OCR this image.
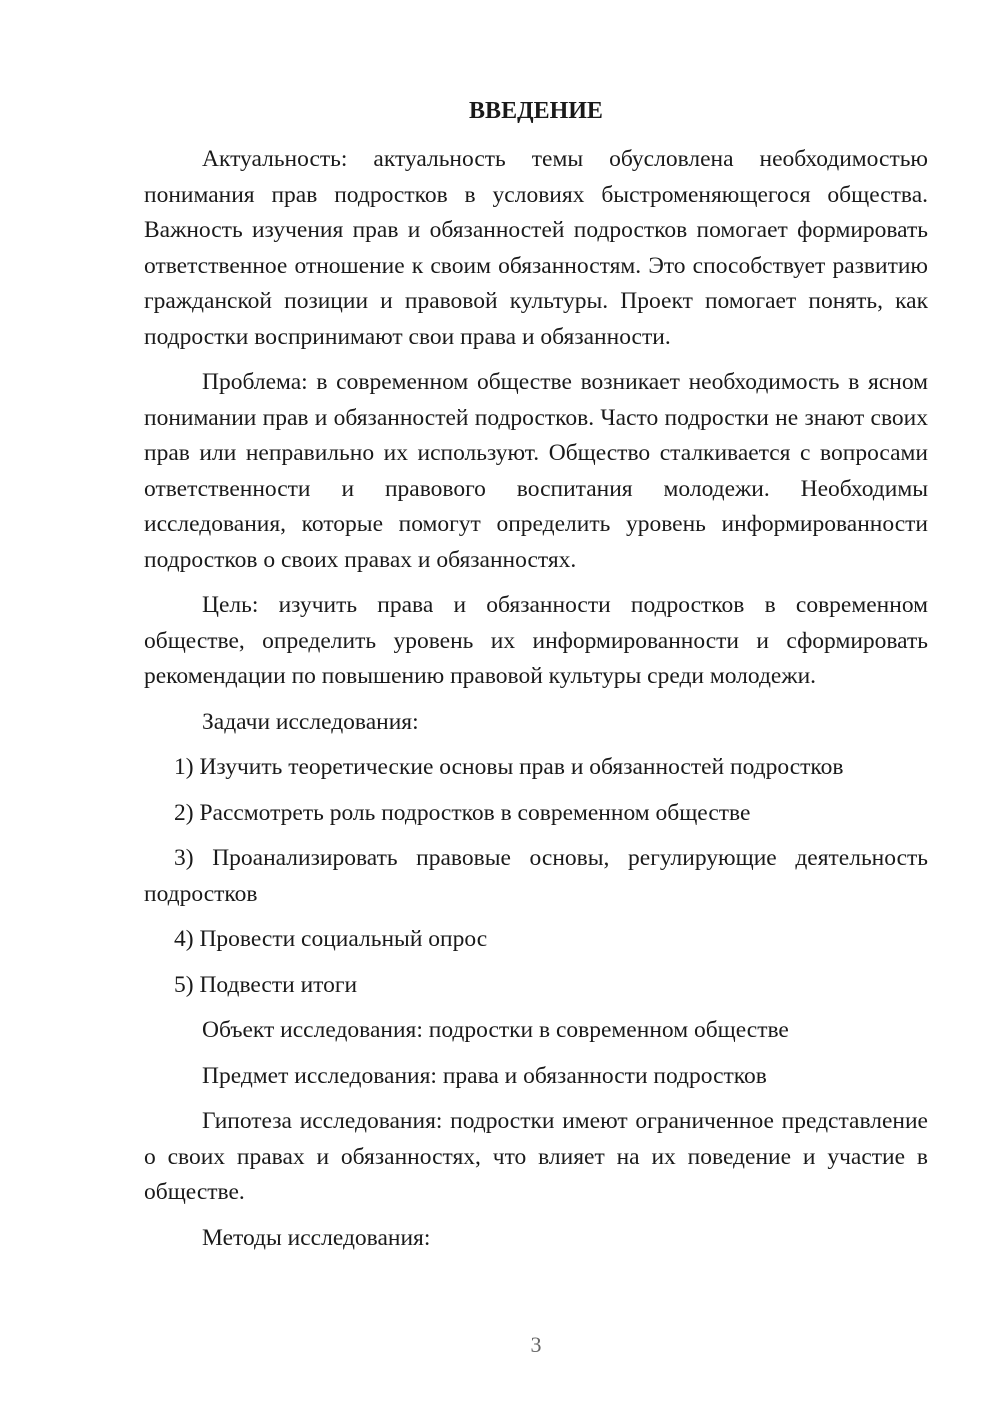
ВВЕДЕНИЕ

Актуальность: актуальность темы обусловлена необходимостью понимания прав подростков в условиях быстроменяющегося общества. Важность изучения прав и обязанностей подростков помогает формировать ответственное отношение к своим обязанностям. Это способствует развитию гражданской позиции и правовой культуры. Проект помогает понять, как подростки воспринимают свои права и обязанности.

Проблема: в современном обществе возникает необходимость в ясном понимании прав и обязанностей подростков. Часто подростки не знают своих прав или неправильно их используют. Общество сталкивается с вопросами ответственности и правового воспитания молодежи. Необходимы исследования, которые помогут определить уровень информированности подростков о своих правах и обязанностях.

Цель: изучить права и обязанности подростков в современном обществе, определить уровень их информированности и сформировать рекомендации по повышению правовой культуры среди молодежи.

Задачи исследования:

1) Изучить теоретические основы прав и обязанностей подростков

2) Рассмотреть роль подростков в современном обществе

3) Проанализировать правовые основы, регулирующие деятельность подростков

4) Провести социальный опрос

5) Подвести итоги

Объект исследования: подростки в современном обществе

Предмет исследования: права и обязанности подростков

Гипотеза исследования: подростки имеют ограниченное представление о своих правах и обязанностях, что влияет на их поведение и участие в обществе.

Методы исследования:

3
